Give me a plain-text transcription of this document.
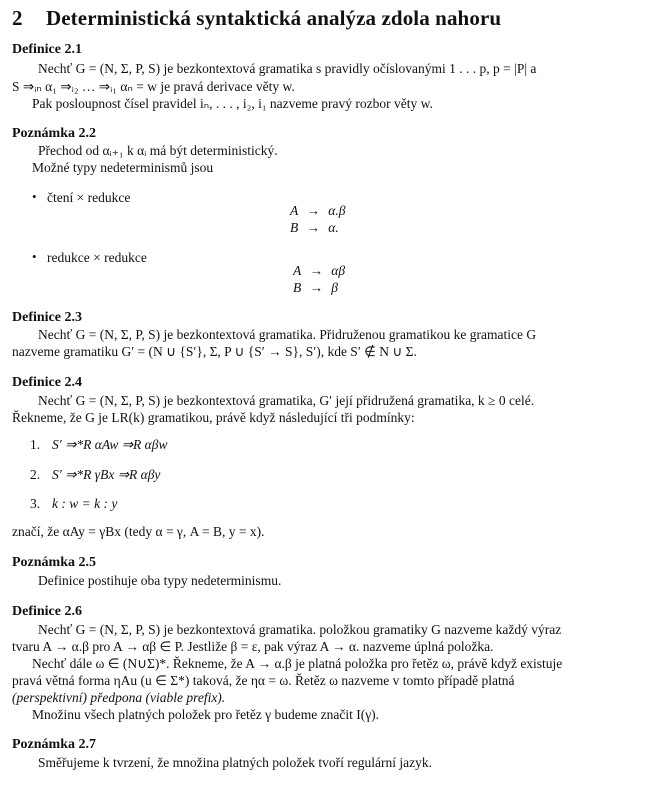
2 Deterministická syntaktická analýza zdola nahoru
Definice 2.1
Nechť G = (N, Σ, P, S) je bezkontextová gramatika s pravidly očíslovanými 1 . . . p, p = |P| a
S ⇒ᵢₙ α₁ ⇒ᵢ₂ … ⇒ᵢ₁ αₙ = w je pravá derivace věty w.
Pak posloupnost čísel pravidel iₙ, . . . , i₂, i₁ nazveme pravý rozbor věty w.
Poznámka 2.2
Přechod od αᵢ₊₁ k αᵢ má být deterministický.
Možné typy nedeterminismů jsou
• čtení × redukce
A → α.β
B → α.
• redukce × redukce
A → αβ
B → β
Definice 2.3
Nechť G = (N, Σ, P, S) je bezkontextová gramatika. Přidruženou gramatikou ke gramatice G
nazveme gramatiku G′ = (N ∪ {S′}, Σ, P ∪ {S′ → S}, S′), kde S′ ∉ N ∪ Σ.
Definice 2.4
Nechť G = (N, Σ, P, S) je bezkontextová gramatika, G′ její přidružená gramatika, k ≥ 0 celé.
Řekneme, že G je LR(k) gramatikou, právě když následující tři podmínky:
1. S′ ⇒*R αAw ⇒R αβw
2. S′ ⇒*R γBx ⇒R αβy
3. k : w = k : y
značí, že αAy = γBx (tedy α = γ, A = B, y = x).
Poznámka 2.5
Definice postihuje oba typy nedeterminismu.
Definice 2.6
Nechť G = (N, Σ, P, S) je bezkontextová gramatika. položkou gramatiky G nazveme každý výraz
tvaru A → α.β pro A → αβ ∈ P. Jestliže β = ε, pak výraz A → α. nazveme úplná položka.
Nechť dále ω ∈ (N∪Σ)*. Řekneme, že A → α.β je platná položka pro řetěz ω, právě když existuje
pravá větná forma ηAu (u ∈ Σ*) taková, že ηα = ω. Řetěz ω nazveme v tomto případě platná
(perspektivní) předpona (viable prefix).
Množinu všech platných položek pro řetěz γ budeme značit I(γ).
Poznámka 2.7
Směřujeme k tvrzení, že množina platných položek tvoří regulární jazyk.
